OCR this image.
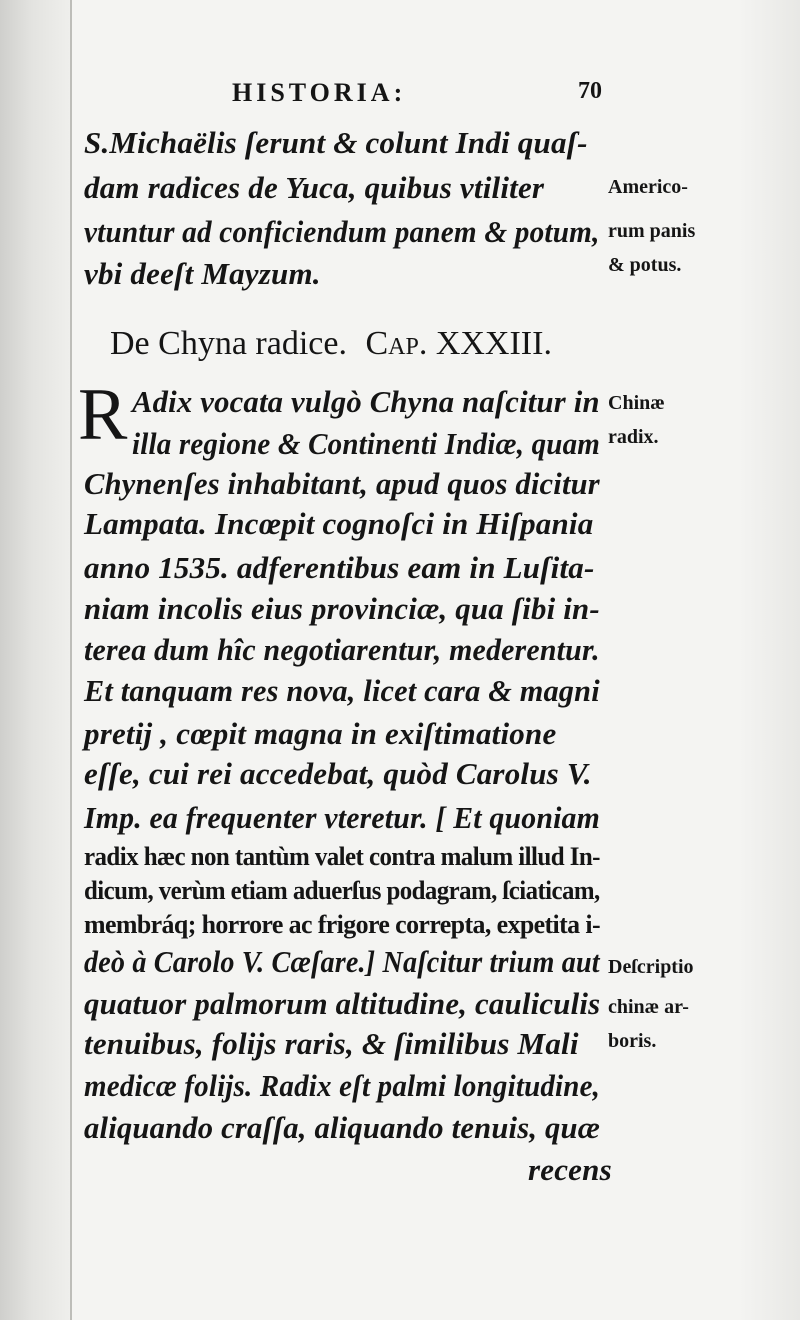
HISTORIA:	70
S.Michaëlis ſerunt & colunt Indi quaſ-
dam radices de Yuca, quibus vtiliter
vtuntur ad conficiendum panem & potum,
vbi deeſt Mayzum.
Americo-
rum panis
& potus.
De Chyna radice. Cap. XXXIII.
R Adix vocata vulgò Chyna naſcitur in
illa regione & Continenti Indiæ, quam
Chynenſes inhabitant, apud quos dicitur
Lampata. Incœpit cognoſci in Hiſpania
anno 1535. adferentibus eam in Luſita-
niam incolis eius provinciæ, qua ſibi in-
terea dum hîc negotiarentur, mederentur.
Et tanquam res nova, licet cara & magni
pretij , cœpit magna in exiſtimatione
eſſe, cui rei accedebat, quòd Carolus V.
Imp. ea frequenter vteretur. [ Et quoniam
radix hæc non tantùm valet contra malum illud In-
dicum, verùm etiam aduerſus podagram, ſciaticam,
membráq; horrore ac frigore correpta, expetita i-
deò à Carolo V. Cæſare.] Naſcitur trium aut
quatuor palmorum altitudine, cauliculis
tenuibus, folijs raris, & ſimilibus Mali
medicæ folijs. Radix eſt palmi longitudine,
aliquando craſſa, aliquando tenuis, quæ
recens
Chinæ
radix.
Deſcriptio
chinæ ar-
boris.
